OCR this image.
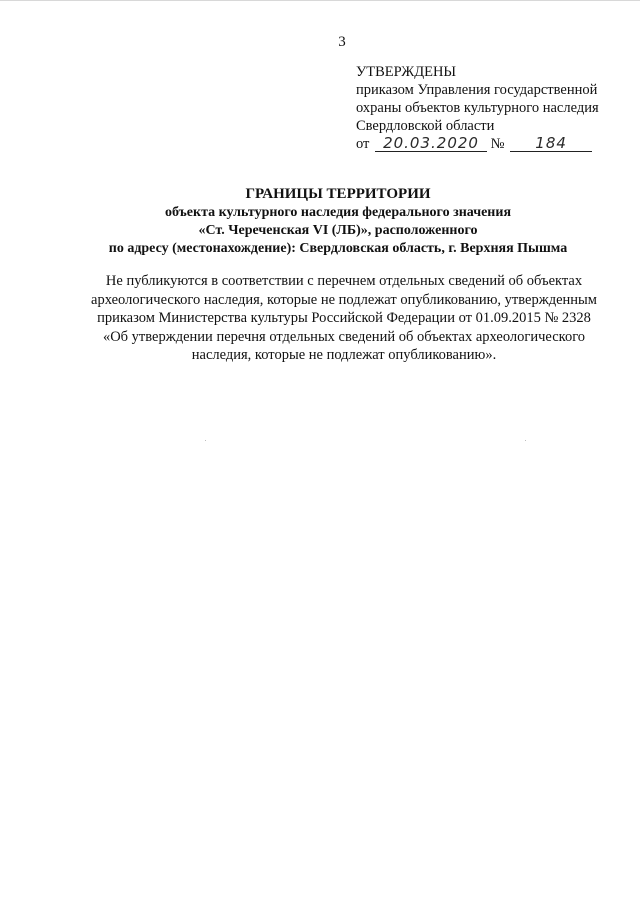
3
УТВЕРЖДЕНЫ
приказом Управления государственной
охраны объектов культурного наследия
Свердловской области
от 20.03.2020 № 184
ГРАНИЦЫ ТЕРРИТОРИИ
объекта культурного наследия федерального значения
«Ст. Череченская VI (ЛБ)», расположенного
по адресу (местонахождение): Свердловская область, г. Верхняя Пышма
Не публикуются в соответствии с перечнем отдельных сведений об объектах
археологического наследия, которые не подлежат опубликованию, утвержденным
приказом Министерства культуры Российской Федерации от 01.09.2015 № 2328
«Об утверждении перечня отдельных сведений об объектах археологического
наследия, которые не подлежат опубликованию».
